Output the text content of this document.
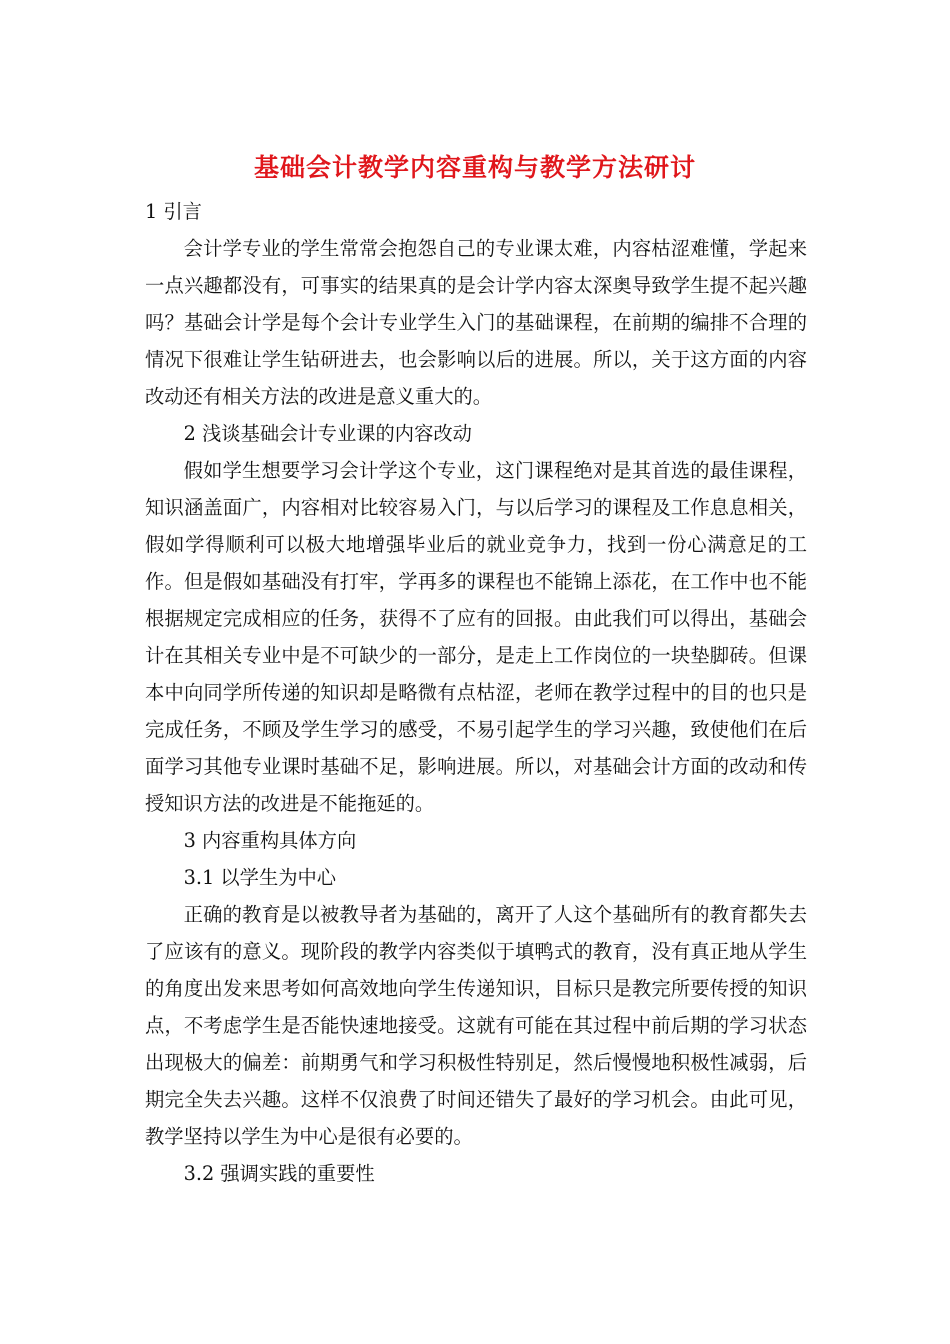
基础会计教学内容重构与教学方法研讨

1 引言

会计学专业的学生常常会抱怨自己的专业课太难，内容枯涩难懂，学起来一点兴趣都没有，可事实的结果真的是会计学内容太深奥导致学生提不起兴趣吗？基础会计学是每个会计专业学生入门的基础课程，在前期的编排不合理的情况下很难让学生钻研进去，也会影响以后的进展。所以，关于这方面的内容改动还有相关方法的改进是意义重大的。

2 浅谈基础会计专业课的内容改动

假如学生想要学习会计学这个专业，这门课程绝对是其首选的最佳课程，知识涵盖面广，内容相对比较容易入门，与以后学习的课程及工作息息相关，假如学得顺利可以极大地增强毕业后的就业竞争力，找到一份心满意足的工作。但是假如基础没有打牢，学再多的课程也不能锦上添花，在工作中也不能根据规定完成相应的任务，获得不了应有的回报。由此我们可以得出，基础会计在其相关专业中是不可缺少的一部分，是走上工作岗位的一块垫脚砖。但课本中向同学所传递的知识却是略微有点枯涩，老师在教学过程中的目的也只是完成任务，不顾及学生学习的感受，不易引起学生的学习兴趣，致使他们在后面学习其他专业课时基础不足，影响进展。所以，对基础会计方面的改动和传授知识方法的改进是不能拖延的。

3 内容重构具体方向

3.1 以学生为中心

正确的教育是以被教导者为基础的，离开了人这个基础所有的教育都失去了应该有的意义。现阶段的教学内容类似于填鸭式的教育，没有真正地从学生的角度出发来思考如何高效地向学生传递知识，目标只是教完所要传授的知识点，不考虑学生是否能快速地接受。这就有可能在其过程中前后期的学习状态出现极大的偏差：前期勇气和学习积极性特别足，然后慢慢地积极性减弱，后期完全失去兴趣。这样不仅浪费了时间还错失了最好的学习机会。由此可见，教学坚持以学生为中心是很有必要的。

3.2 强调实践的重要性
